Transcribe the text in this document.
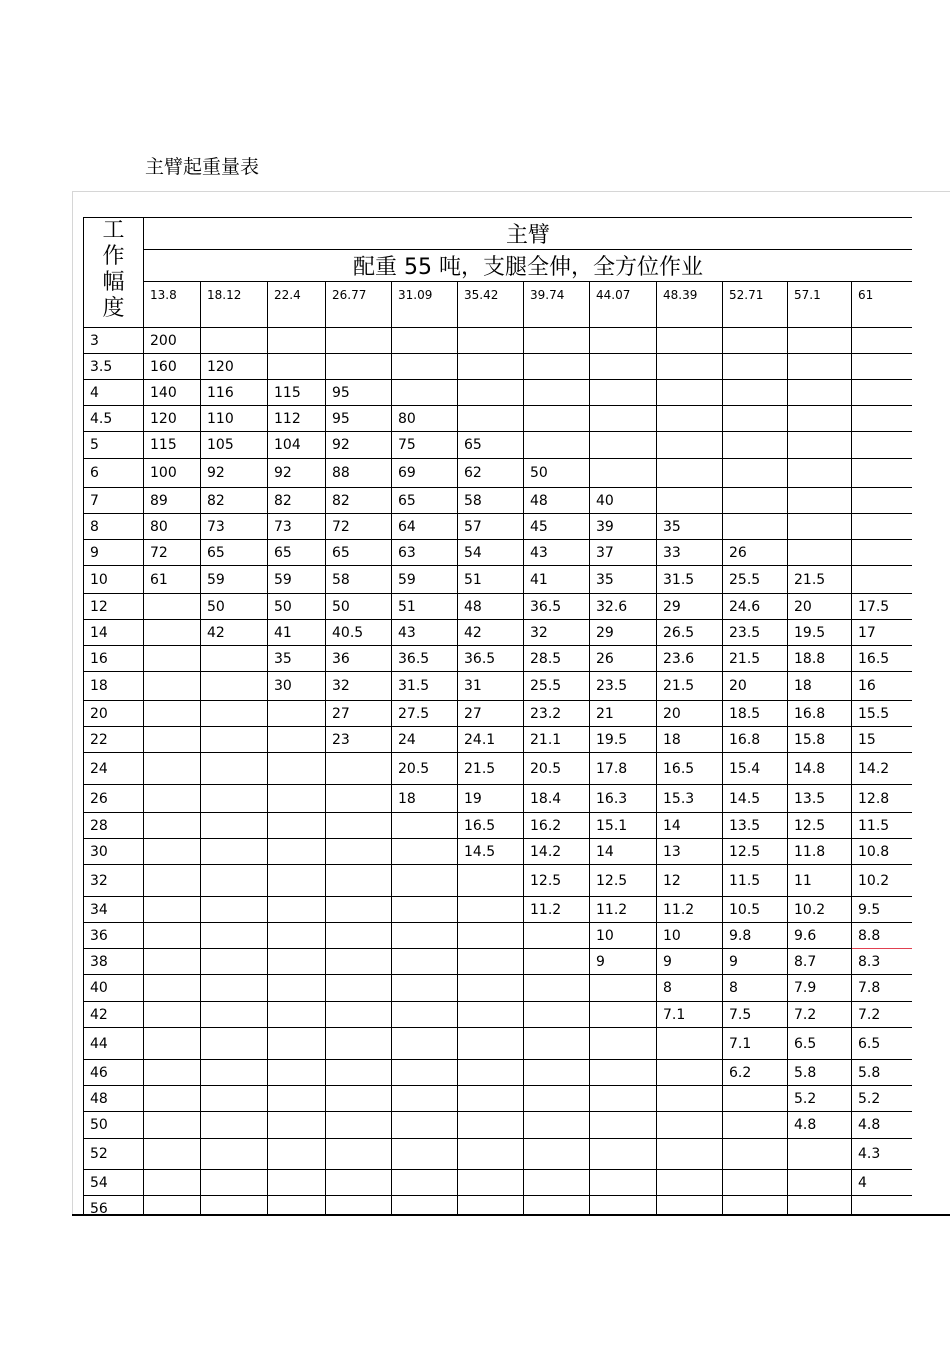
主臂起重量表
工
作
幅
度	主臂											
	配重 55 吨，支腿全伸，全方位作业											
	13.8	18.12	22.4	26.77	31.09	35.42	39.74	44.07	48.39	52.71	57.1	61
3	200											
3.5	160	120										
4	140	116	115	95								
4.5	120	110	112	95	80							
5	115	105	104	92	75	65						
6	100	92	92	88	69	62	50					
7	89	82	82	82	65	58	48	40				
8	80	73	73	72	64	57	45	39	35			
9	72	65	65	65	63	54	43	37	33	26		
10	61	59	59	58	59	51	41	35	31.5	25.5	21.5	
12		50	50	50	51	48	36.5	32.6	29	24.6	20	17.5
14		42	41	40.5	43	42	32	29	26.5	23.5	19.5	17
16			35	36	36.5	36.5	28.5	26	23.6	21.5	18.8	16.5
18			30	32	31.5	31	25.5	23.5	21.5	20	18	16
20				27	27.5	27	23.2	21	20	18.5	16.8	15.5
22				23	24	24.1	21.1	19.5	18	16.8	15.8	15
24					20.5	21.5	20.5	17.8	16.5	15.4	14.8	14.2
26					18	19	18.4	16.3	15.3	14.5	13.5	12.8
28						16.5	16.2	15.1	14	13.5	12.5	11.5
30						14.5	14.2	14	13	12.5	11.8	10.8
32							12.5	12.5	12	11.5	11	10.2
34							11.2	11.2	11.2	10.5	10.2	9.5
36								10	10	9.8	9.6	8.8
38								9	9	9	8.7	8.3
40									8	8	7.9	7.8
42									7.1	7.5	7.2	7.2
44										7.1	6.5	6.5
46										6.2	5.8	5.8
48											5.2	5.2
50											4.8	4.8
52												4.3
54												4
56												
